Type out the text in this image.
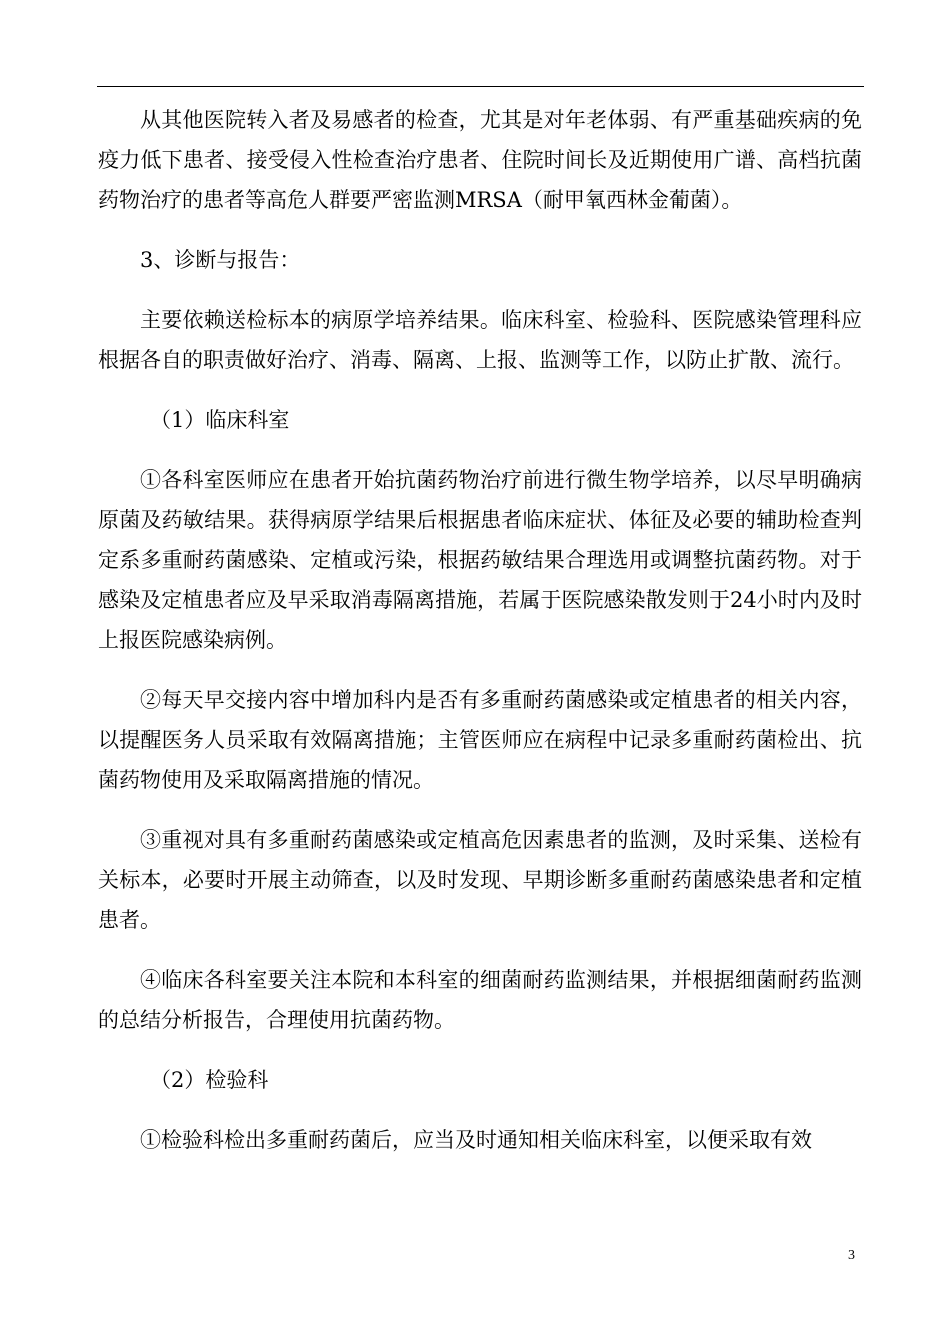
从其他医院转入者及易感者的检查，尤其是对年老体弱、有严重基础疾病的免疫力低下患者、接受侵入性检查治疗患者、住院时间长及近期使用广谱、高档抗菌药物治疗的患者等高危人群要严密监测MRSA（耐甲氧西林金葡菌）。

3、诊断与报告：

主要依赖送检标本的病原学培养结果。临床科室、检验科、医院感染管理科应根据各自的职责做好治疗、消毒、隔离、上报、监测等工作，以防止扩散、流行。

（1）临床科室

①各科室医师应在患者开始抗菌药物治疗前进行微生物学培养，以尽早明确病原菌及药敏结果。获得病原学结果后根据患者临床症状、体征及必要的辅助检查判定系多重耐药菌感染、定植或污染，根据药敏结果合理选用或调整抗菌药物。对于感染及定植患者应及早采取消毒隔离措施，若属于医院感染散发则于24小时内及时上报医院感染病例。

②每天早交接内容中增加科内是否有多重耐药菌感染或定植患者的相关内容，以提醒医务人员采取有效隔离措施；主管医师应在病程中记录多重耐药菌检出、抗菌药物使用及采取隔离措施的情况。

③重视对具有多重耐药菌感染或定植高危因素患者的监测，及时采集、送检有关标本，必要时开展主动筛查，以及时发现、早期诊断多重耐药菌感染患者和定植患者。

④临床各科室要关注本院和本科室的细菌耐药监测结果，并根据细菌耐药监测的总结分析报告，合理使用抗菌药物。

（2）检验科

①检验科检出多重耐药菌后，应当及时通知相关临床科室，以便采取有效

3
